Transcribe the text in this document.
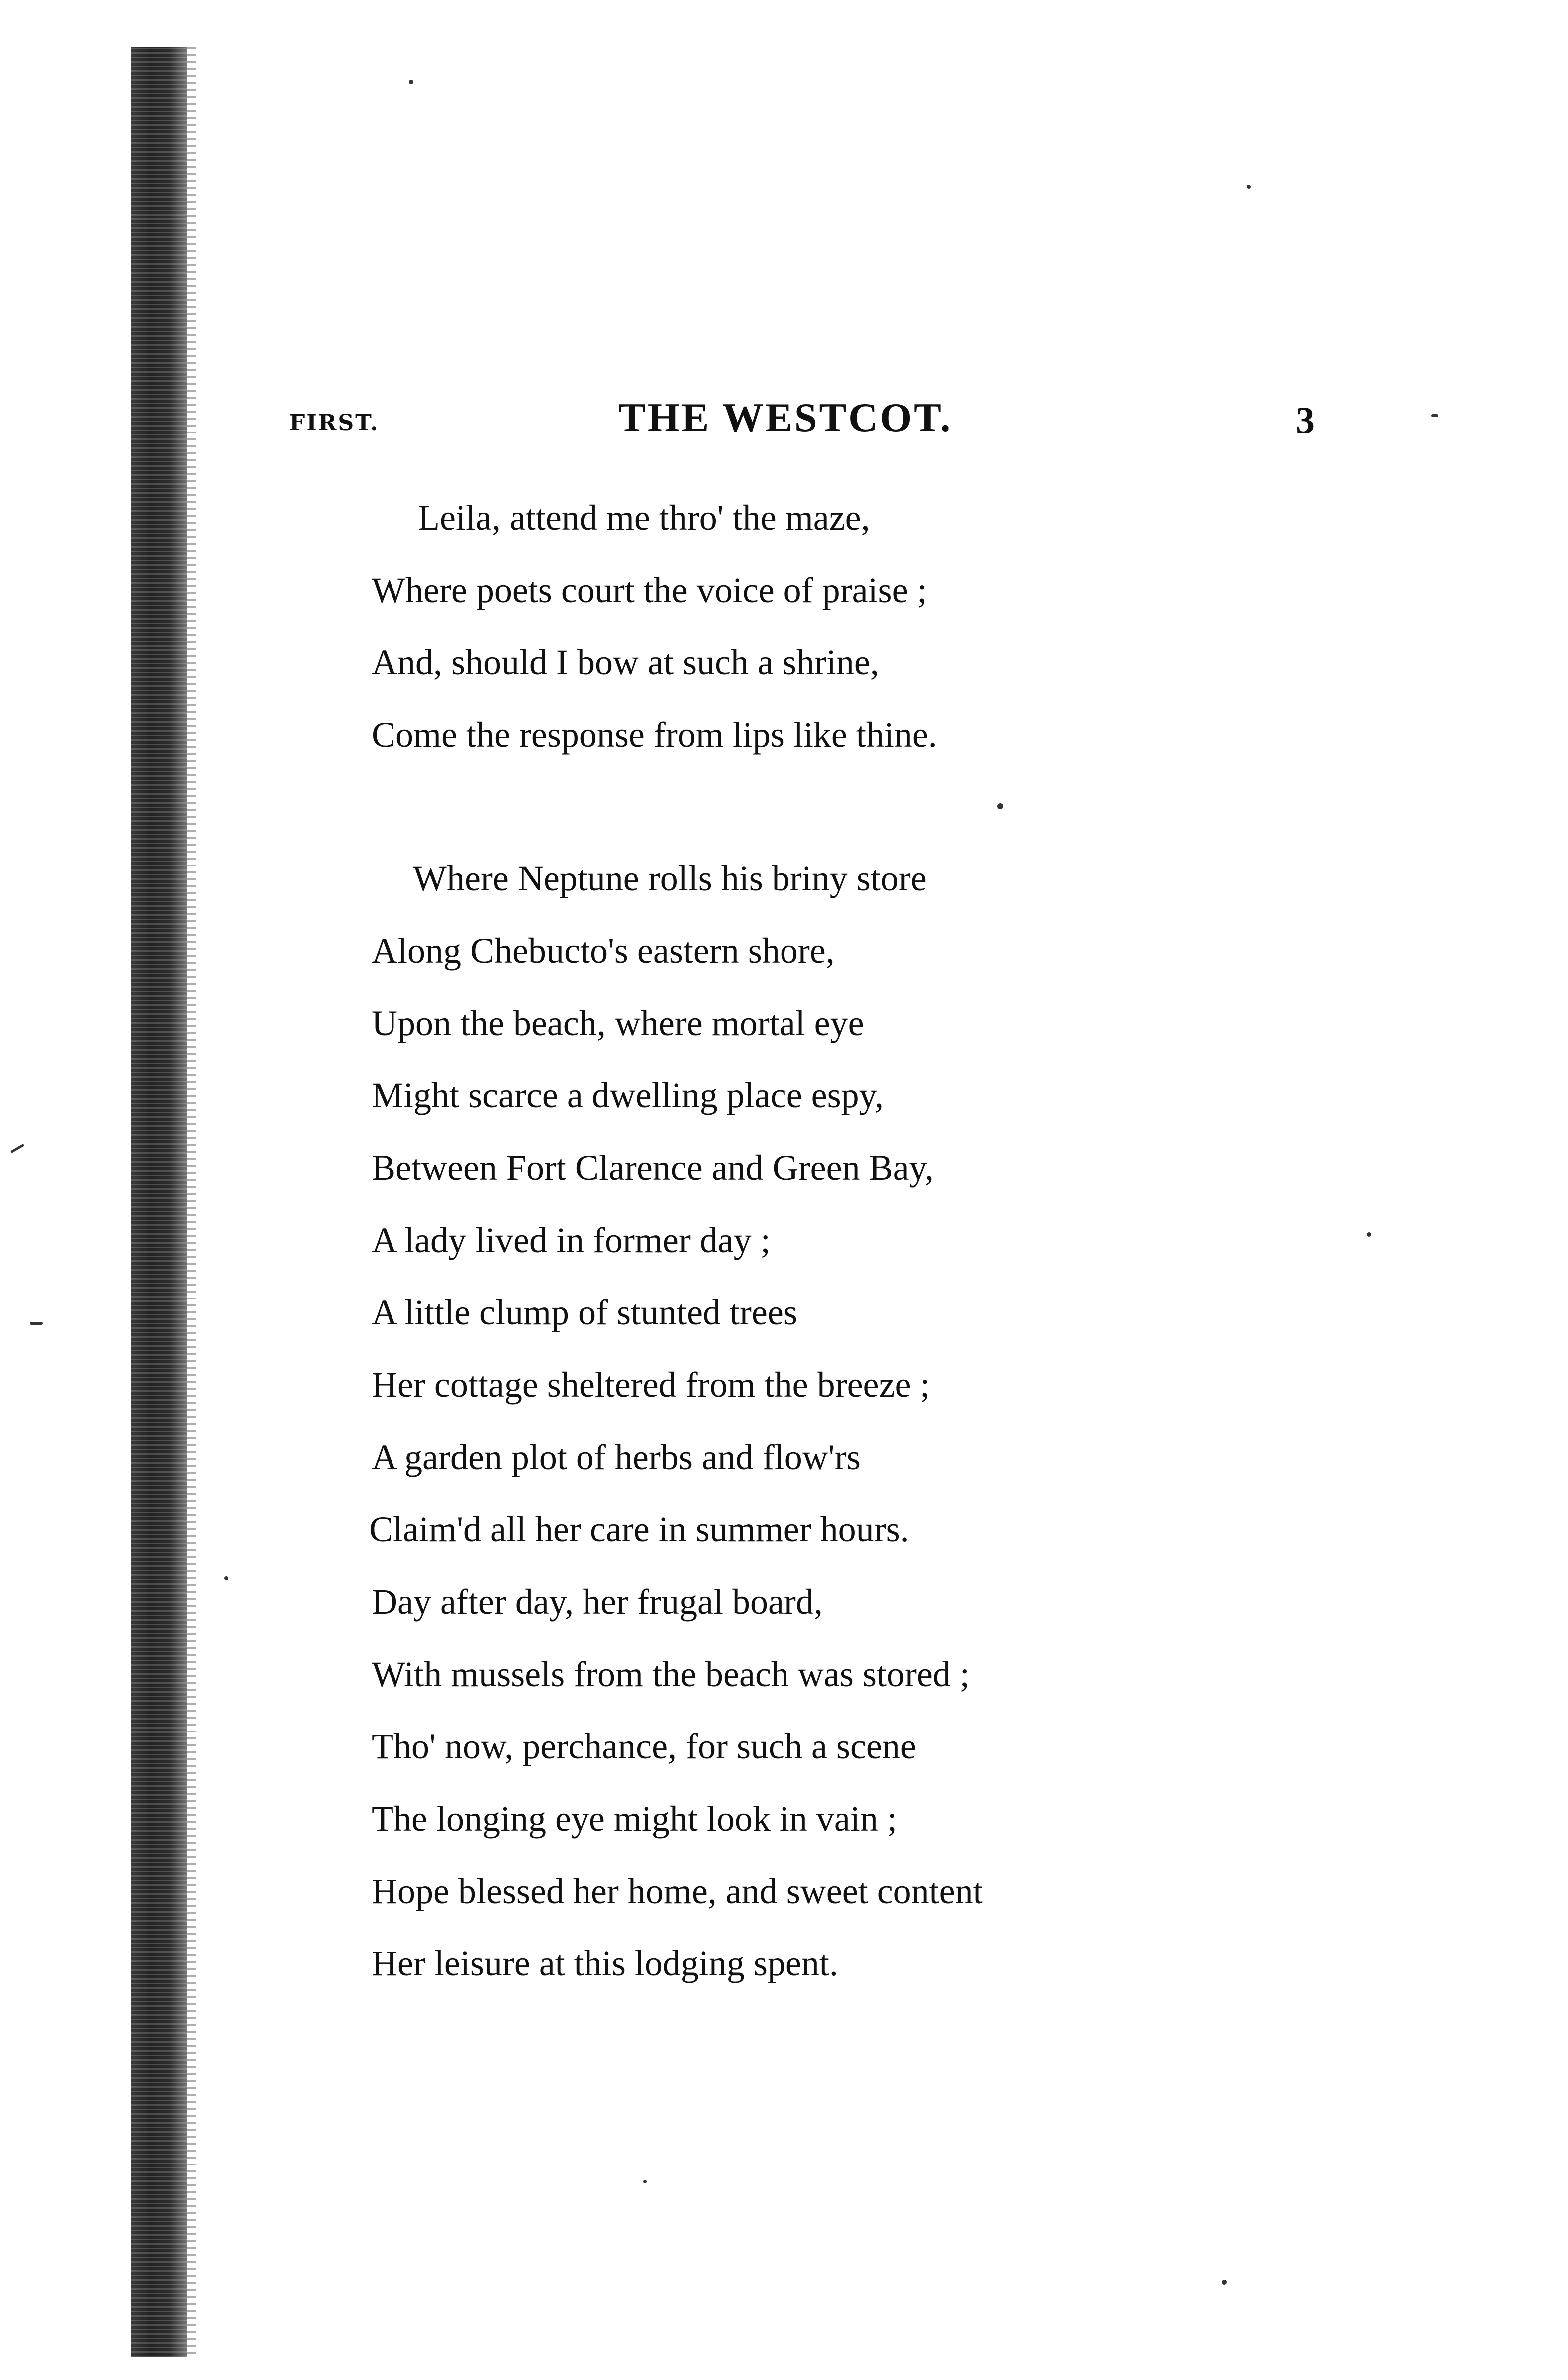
FIRST.	THE WESTCOT.	3
Leila, attend me thro' the maze,
Where poets court the voice of praise ;
And, should I bow at such a shrine,
Come the response from lips like thine.
Where Neptune rolls his briny store
Along Chebucto's eastern shore,
Upon the beach, where mortal eye
Might scarce a dwelling place espy,
Between Fort Clarence and Green Bay,
A lady lived in former day ;
A little clump of stunted trees
Her cottage sheltered from the breeze ;
A garden plot of herbs and flow'rs
Claim'd all her care in summer hours.
Day after day, her frugal board,
With mussels from the beach was stored ;
Tho' now, perchance, for such a scene
The longing eye might look in vain ;
Hope blessed her home, and sweet content
Her leisure at this lodging spent.
